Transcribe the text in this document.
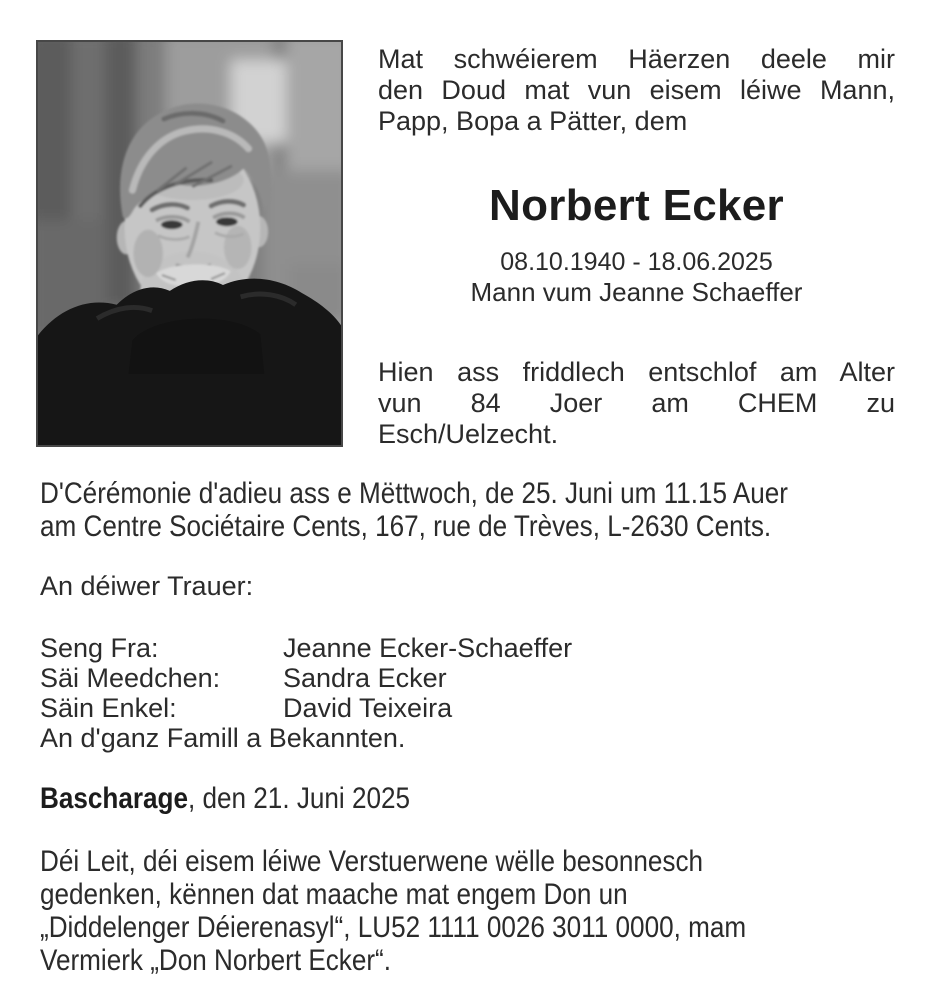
Mat schwéierem Häerzen deele mir
den Doud mat vun eisem léiwe Mann,
Papp, Bopa a Pätter, dem
Norbert Ecker
08.10.1940 - 18.06.2025
Mann vum Jeanne Schaeffer
Hien ass friddlech entschlof am Alter
vun 84 Joer am CHEM zu
Esch/Uelzecht.
D'Cérémonie d'adieu ass e Mëttwoch, de 25. Juni um 11.15 Auer
am Centre Sociétaire Cents, 167, rue de Trèves, L-2630 Cents.
An déiwer Trauer:
Seng Fra:	Jeanne Ecker-Schaeffer
Säi Meedchen:	Sandra Ecker
Säin Enkel:	David Teixeira
An d'ganz Famill a Bekannten.
Bascharage, den 21. Juni 2025
Déi Leit, déi eisem léiwe Verstuerwene wëlle besonnesch
gedenken, kënnen dat maache mat engem Don un
„Diddelenger Déierenasyl“, LU52 1111 0026 3011 0000, mam
Vermierk „Don Norbert Ecker“.
